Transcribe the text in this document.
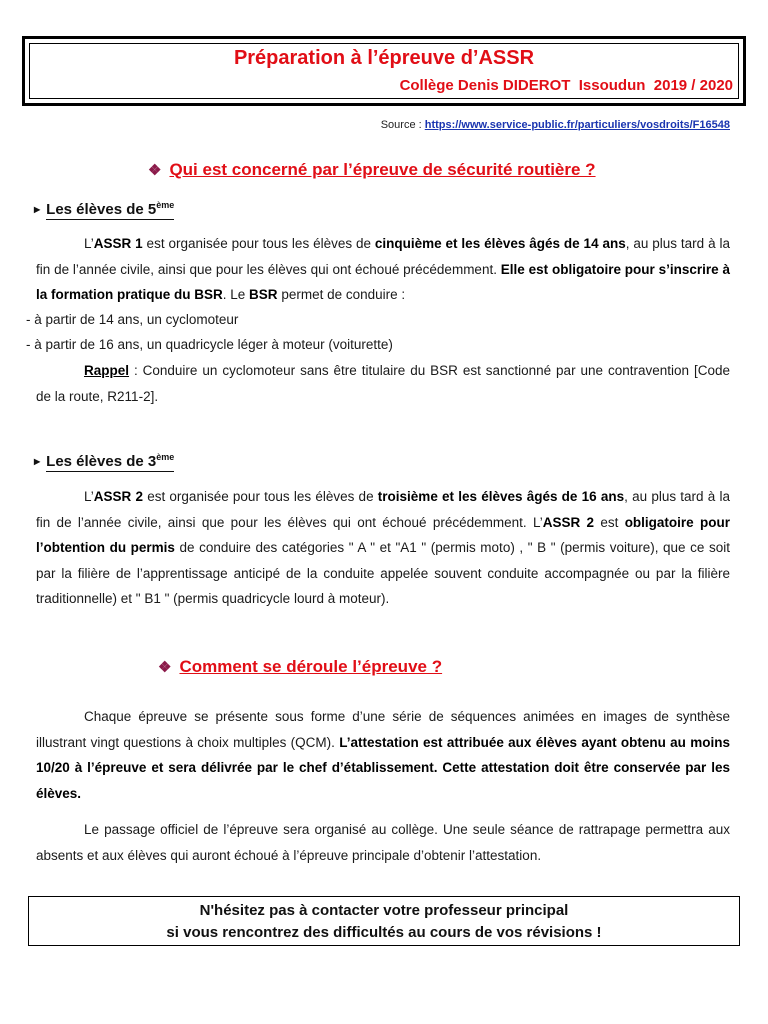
Préparation à l’épreuve d’ASSR
Collège Denis DIDEROT  Issoudun  2019 / 2020
Source : https://www.service-public.fr/particuliers/vosdroits/F16548
❖ Qui est concerné par l’épreuve de sécurité routière ?
▶ Les élèves de 5ème
L’ASSR 1 est organisée pour tous les élèves de cinquième et les élèves âgés de 14 ans, au plus tard à la fin de l’année civile, ainsi que pour les élèves qui ont échoué précédemment. Elle est obligatoire pour s’inscrire à la formation pratique du BSR. Le BSR permet de conduire :
- à partir de 14 ans, un cyclomoteur
- à partir de 16 ans, un quadricycle léger à moteur (voiturette)
Rappel : Conduire un cyclomoteur sans être titulaire du BSR est sanctionné par une contravention [Code de la route, R211-2].
▶ Les élèves de 3ème
L’ASSR 2 est organisée pour tous les élèves de troisième et les élèves âgés de 16 ans, au plus tard à la fin de l’année civile, ainsi que pour les élèves qui ont échoué précédemment. L’ASSR 2 est obligatoire pour l’obtention du permis de conduire des catégories " A " et "A1 " (permis moto) , " B " (permis voiture), que ce soit par la filière de l’apprentissage anticipé de la conduite appelée souvent conduite accompagnée ou par la filière traditionnelle) et " B1 " (permis quadricycle lourd à moteur).
❖ Comment se déroule l’épreuve ?
Chaque épreuve se présente sous forme d’une série de séquences animées en images de synthèse illustrant vingt questions à choix multiples (QCM). L’attestation est attribuée aux élèves ayant obtenu au moins 10/20 à l’épreuve et sera délivrée par le chef d’établissement. Cette attestation doit être conservée par les élèves.
Le passage officiel de l’épreuve sera organisé au collège. Une seule séance de rattrapage permettra aux absents et aux élèves qui auront échoué à l’épreuve principale d’obtenir l’attestation.
N'hésitez pas à contacter votre professeur principal
si vous rencontrez des difficultés au cours de vos révisions !
